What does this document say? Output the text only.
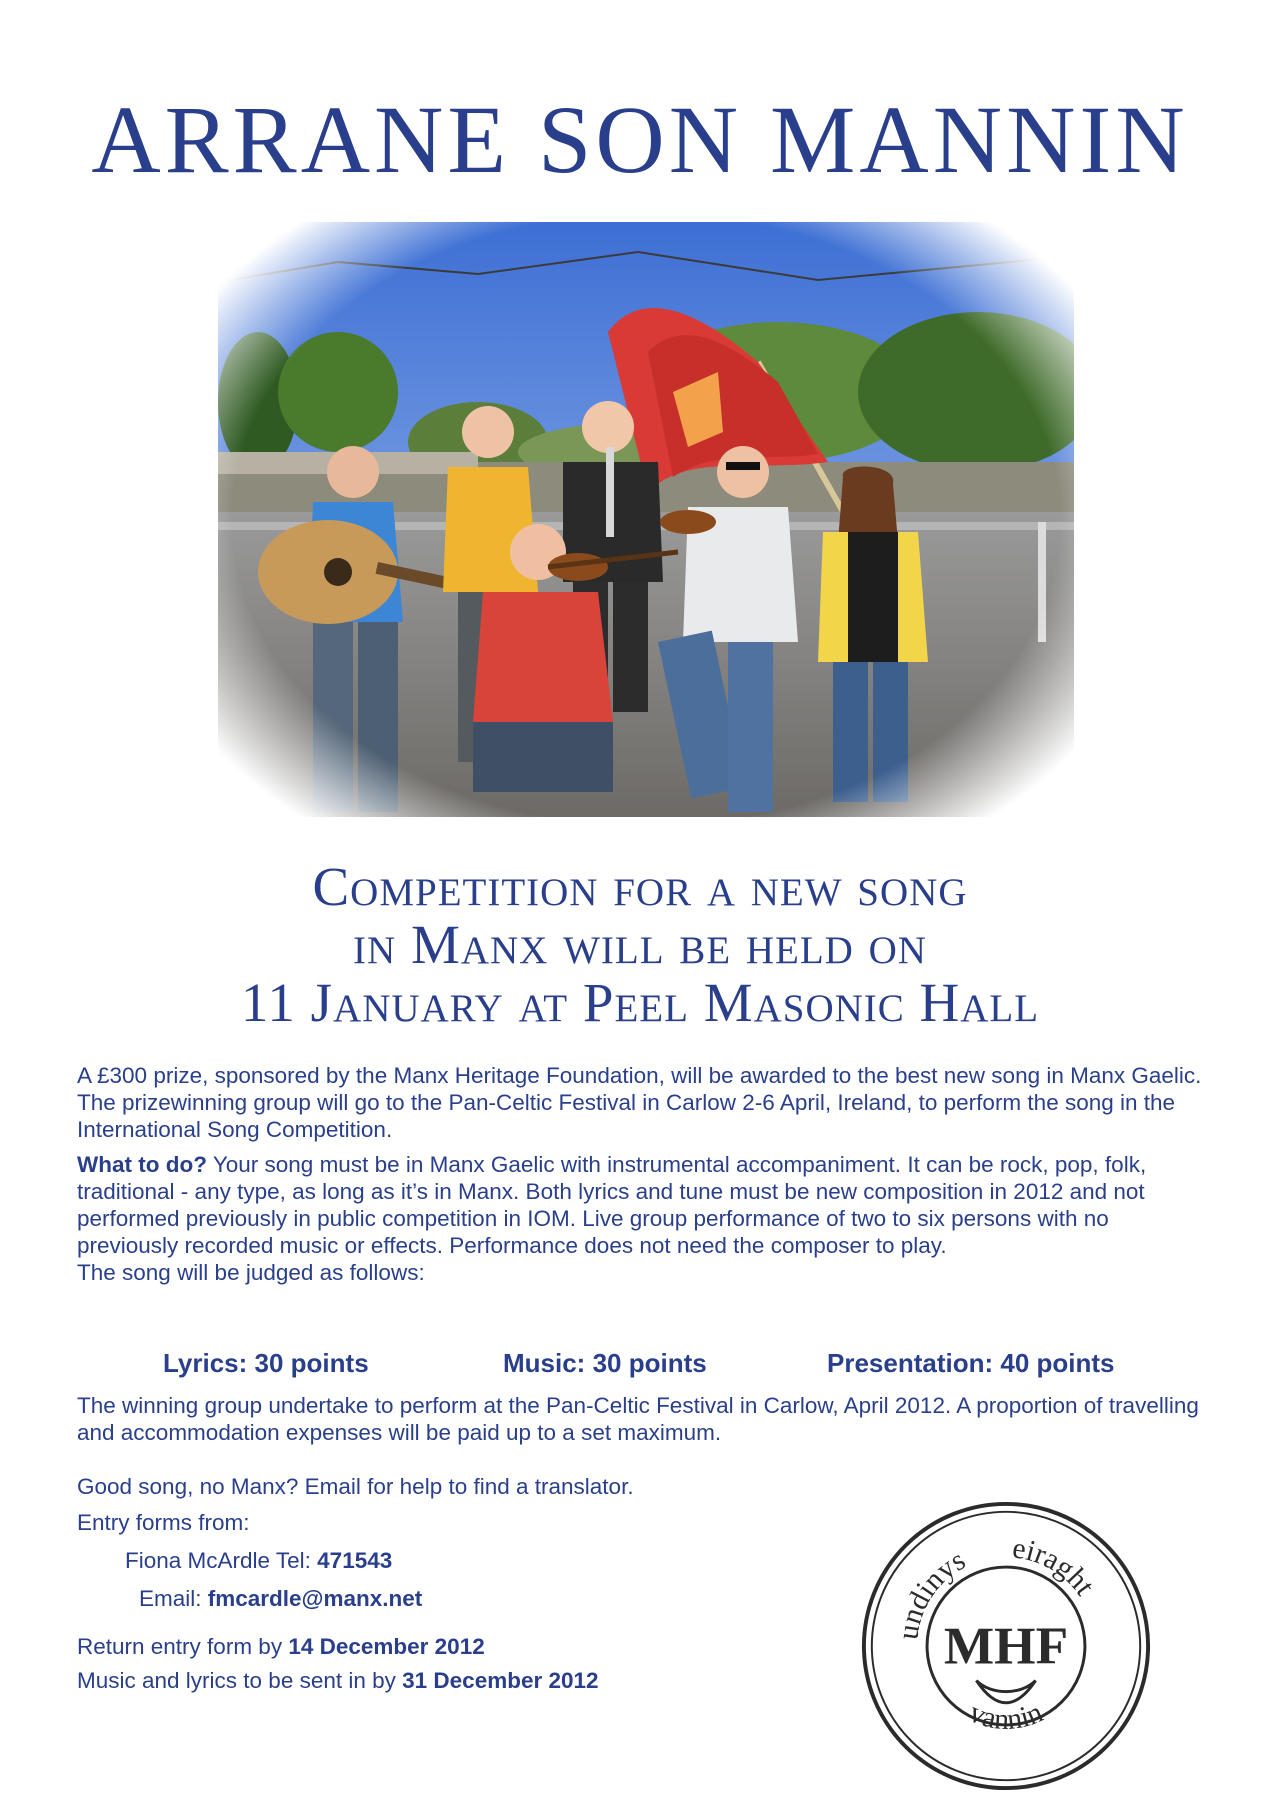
ARRANE SON MANNIN
Competition for a new song
in Manx will be held on
11 January at Peel Masonic Hall

A £300 prize, sponsored by the Manx Heritage Foundation, will be awarded to the best new song in Manx Gaelic. The prizewinning group will go to the Pan-Celtic Festival in Carlow 2-6 April, Ireland, to perform the song in the International Song Competition.

What to do? Your song must be in Manx Gaelic with instrumental accompaniment. It can be rock, pop, folk, traditional - any type, as long as it’s in Manx. Both lyrics and tune must be new composition in 2012 and not performed previously in public competition in IOM. Live group performance of two to six persons with no previously recorded music or effects. Performance does not need the composer to play.

The song will be judged as follows:

Lyrics: 30 points	Music: 30 points	Presentation: 40 points
The winning group undertake to perform at the Pan-Celtic Festival in Carlow, April 2012. A proportion of travelling and accommodation expenses will be paid up to a set maximum.
Good song, no Manx? Email for help to find a translator.
Entry forms from:
Fiona McArdle Tel: 471543
Email: fmcardle@manx.net
Return entry form by 14 December 2012
Music and lyrics to be sent in by 31 December 2012
undinys eiraght
vannin
MHF
